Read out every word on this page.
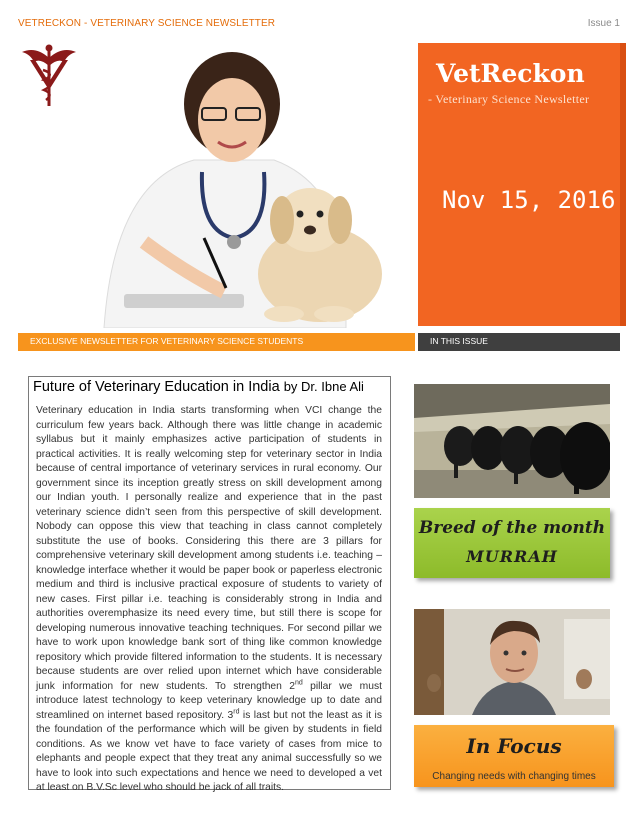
VETRECKON - VETERINARY SCIENCE NEWSLETTER	Issue 1
VetReckon
- Veterinary Science Newsletter
Nov 15, 2016
EXCLUSIVE NEWSLETTER FOR VETERINARY SCIENCE STUDENTS	IN THIS ISSUE
Future of Veterinary Education in India by Dr. Ibne Ali
Veterinary education in India starts transforming when VCI change the curriculum few years back. Although there was little change in academic syllabus but it mainly emphasizes active participation of students in practical activities. It is really welcoming step for veterinary sector in India because of central importance of veterinary services in rural economy. Our government since its inception greatly stress on skill development among our Indian youth. I personally realize and experience that in the past veterinary science didn’t seen from this perspective of skill development. Nobody can oppose this view that teaching in class cannot completely substitute the use of books. Considering this there are 3 pillars for comprehensive veterinary skill development among students i.e. teaching – knowledge interface whether it would be paper book or paperless electronic medium and third is inclusive practical exposure of students to variety of new cases. First pillar i.e. teaching is considerably strong in India and authorities overemphasize its need every time, but still there is scope for developing numerous innovative teaching techniques. For second pillar we have to work upon knowledge bank sort of thing like common knowledge repository which provide filtered information to the students. It is necessary because students are over relied upon internet which have considerable junk information for new students. To strengthen 2nd pillar we must introduce latest technology to keep veterinary knowledge up to date and streamlined on internet based repository. 3rd is last but not the least as it is the foundation of the performance which will be given by students in field conditions. As we know vet have to face variety of cases from mice to elephants and people expect that they treat any animal successfully so we have to look into such expectations and hence we need to developed a vet at least on B.V.Sc level who should be jack of all traits.
Breed of the month
MURRAH
In Focus
Changing needs with changing times
